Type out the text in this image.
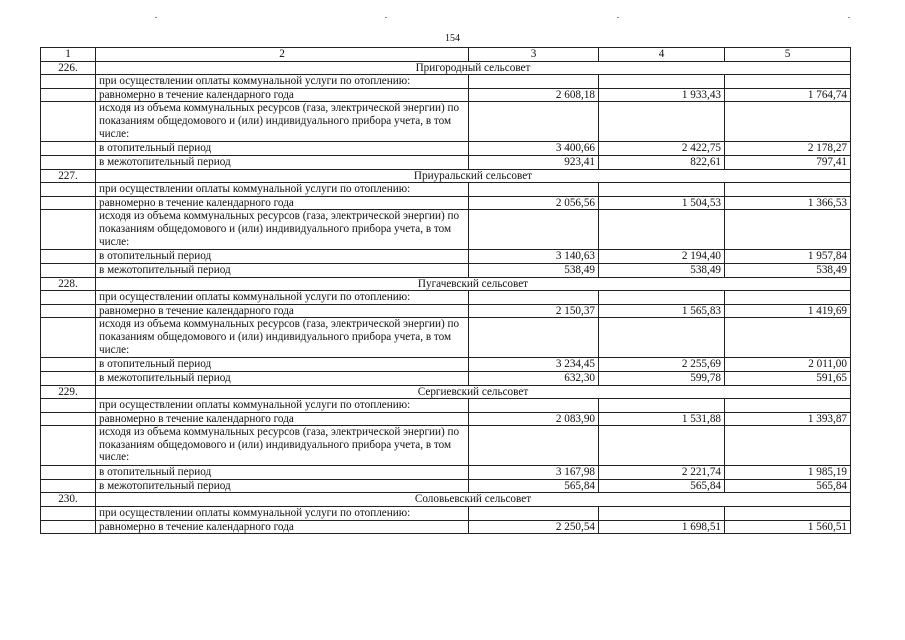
154
1	2	3	4	5
226.	Пригородный сельсовет			
	при осуществлении оплаты коммунальной услуги по отоплению:			
	равномерно в течение календарного года	2 608,18	1 933,43	1 764,74
	исходя из объема коммунальных ресурсов (газа, электрической энергии) по показаниям общедомового и (или) индивидуального прибора учета, в том числе:			
	в отопительный период	3 400,66	2 422,75	2 178,27
	в межотопительный период	923,41	822,61	797,41
227.	Приуральский сельсовет			
	при осуществлении оплаты коммунальной услуги по отоплению:			
	равномерно в течение календарного года	2 056,56	1 504,53	1 366,53
	исходя из объема коммунальных ресурсов (газа, электрической энергии) по показаниям общедомового и (или) индивидуального прибора учета, в том числе:			
	в отопительный период	3 140,63	2 194,40	1 957,84
	в межотопительный период	538,49	538,49	538,49
228.	Пугачевский сельсовет			
	при осуществлении оплаты коммунальной услуги по отоплению:			
	равномерно в течение календарного года	2 150,37	1 565,83	1 419,69
	исходя из объема коммунальных ресурсов (газа, электрической энергии) по показаниям общедомового и (или) индивидуального прибора учета, в том числе:			
	в отопительный период	3 234,45	2 255,69	2 011,00
	в межотопительный период	632,30	599,78	591,65
229.	Сергиевский сельсовет			
	при осуществлении оплаты коммунальной услуги по отоплению:			
	равномерно в течение календарного года	2 083,90	1 531,88	1 393,87
	исходя из объема коммунальных ресурсов (газа, электрической энергии) по показаниям общедомового и (или) индивидуального прибора учета, в том числе:			
	в отопительный период	3 167,98	2 221,74	1 985,19
	в межотопительный период	565,84	565,84	565,84
230.	Соловьевский сельсовет			
	при осуществлении оплаты коммунальной услуги по отоплению:			
	равномерно в течение календарного года	2 250,54	1 698,51	1 560,51
